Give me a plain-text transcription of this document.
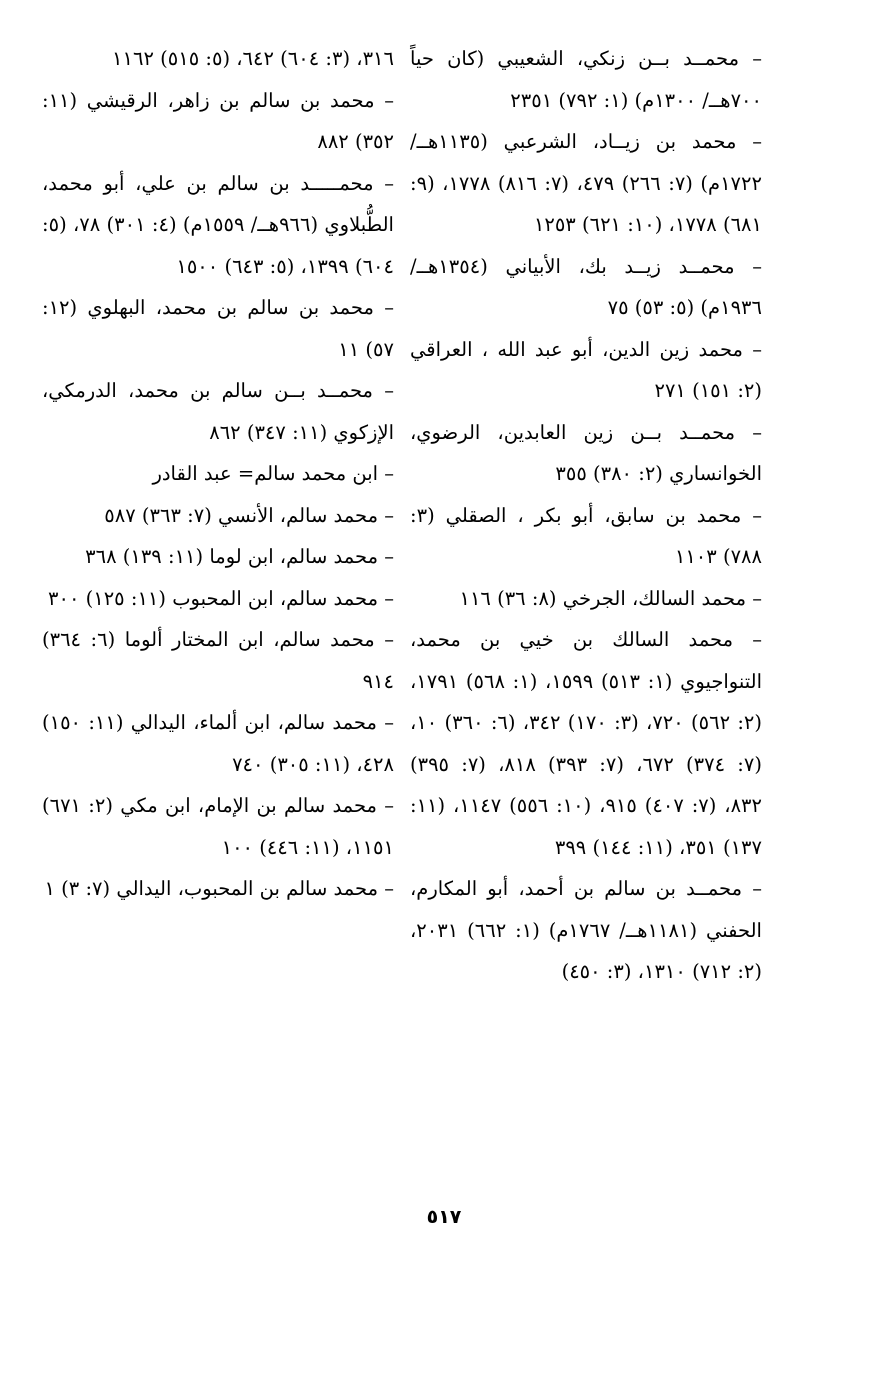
– محمــد بــن زنكي، الشعيبي (كان حياً ٧٠٠هــ/ ١٣٠٠م) (١: ٧٩٢) ٢٣٥١
– محمد بن زيــاد، الشرعبي (١١٣٥هــ/ ١٧٢٢م) (٧: ٢٦٦) ٤٧٩، (٧: ٨١٦) ١٧٧٨، (٩: ٦٨١) ١٧٧٨، (١٠: ٦٢١) ١٢٥٣
– محمــد زيــد بك، الأبياني (١٣٥٤هــ/ ١٩٣٦م) (٥: ٥٣) ٧٥
– محمد زين الدين، أبو عبد الله ، العراقي (٢: ١٥١) ٢٧١
– محمــد بــن زين العابدين، الرضوي، الخوانساري (٢: ٣٨٠) ٣٥٥
– محمد بن سابق، أبو بكر ، الصقلي (٣: ٧٨٨) ١١٠٣
– محمد السالك، الجرخي (٨: ٣٦) ١١٦
– محمد السالك بن خيي بن محمد، التنواجيوي (١: ٥١٣) ١٥٩٩، (١: ٥٦٨) ١٧٩١، (٢: ٥٦٢) ٧٢٠، (٣: ١٧٠) ٣٤٢، (٦: ٣٦٠) ١٠، (٧: ٣٧٤) ٦٧٢، (٧: ٣٩٣) ٨١٨، (٧: ٣٩٥) ٨٣٢، (٧: ٤٠٧) ٩١٥، (١٠: ٥٥٦) ١١٤٧، (١١: ١٣٧) ٣٥١، (١١: ١٤٤) ٣٩٩
– محمــد بن سالم بن أحمد، أبو المكارم، الحفني (١١٨١هــ/ ١٧٦٧م) (١: ٦٦٢) ٢٠٣١، (٢: ٧١٢) ١٣١٠، (٣: ٤٥٠)
٣١٦، (٣: ٦٠٤) ٦٤٢، (٥: ٥١٥) ١١٦٢
– محمد بن سالم بن زاهر، الرقيشي (١١: ٣٥٢) ٨٨٢
– محمـــــد بن سالم بن علي، أبو محمد، الطُّبلاوي (٩٦٦هــ/ ١٥٥٩م) (٤: ٣٠١) ٧٨، (٥: ٦٠٤) ١٣٩٩، (٥: ٦٤٣) ١٥٠٠
– محمد بن سالم بن محمد، البهلوي (١٢: ٥٧) ١١
– محمــد بــن سالم بن محمد، الدرمكي، الإزكوي (١١: ٣٤٧) ٨٦٢
– ابن محمد سالم= عبد القادر
– محمد سالم، الأنسي (٧: ٣٦٣) ٥٨٧
– محمد سالم، ابن لوما (١١: ١٣٩) ٣٦٨
– محمد سالم، ابن المحبوب (١١: ١٢٥) ٣٠٠
– محمد سالم، ابن المختار ألوما (٦: ٣٦٤) ٩١٤
– محمد سالم، ابن ألماء، اليدالي (١١: ١٥٠) ٤٢٨، (١١: ٣٠٥) ٧٤٠
– محمد سالم بن الإمام، ابن مكي (٢: ٦٧١) ١١٥١، (١١: ٤٤٦) ١٠٠
– محمد سالم بن المحبوب، اليدالي (٧: ٣) ١
٥١٧
